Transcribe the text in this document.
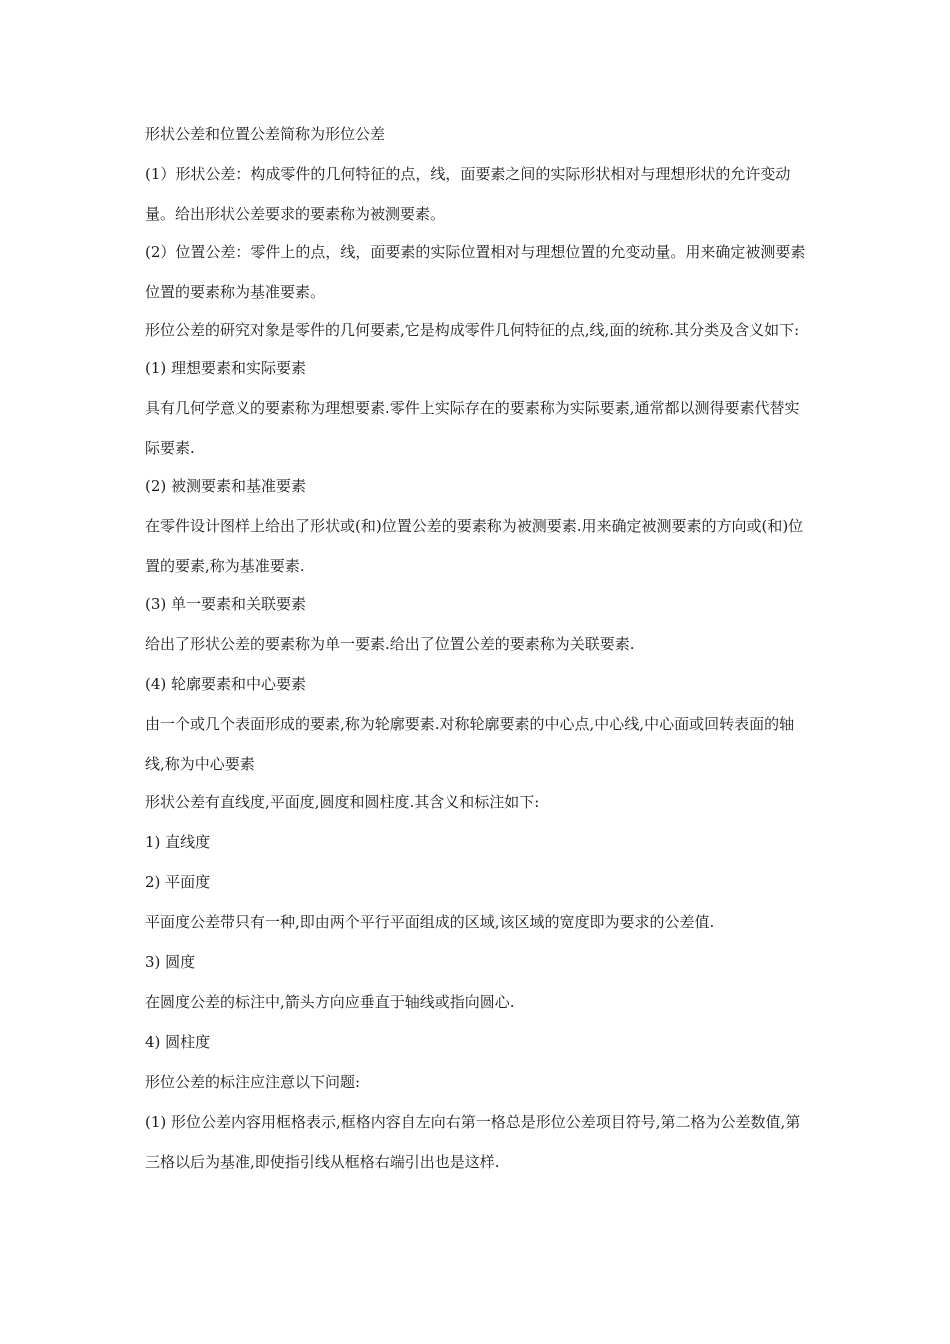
形状公差和位置公差简称为形位公差

(1）形状公差：构成零件的几何特征的点，线，面要素之间的实际形状相对与理想形状的允许变动量。给出形状公差要求的要素称为被测要素。

(2）位置公差：零件上的点，线，面要素的实际位置相对与理想位置的允变动量。用来确定被测要素位置的要素称为基准要素。

形位公差的研究对象是零件的几何要素,它是构成零件几何特征的点,线,面的统称.其分类及含义如下:

(1) 理想要素和实际要素

具有几何学意义的要素称为理想要素.零件上实际存在的要素称为实际要素,通常都以测得要素代替实际要素.

(2) 被测要素和基准要素

在零件设计图样上给出了形状或(和)位置公差的要素称为被测要素.用来确定被测要素的方向或(和)位置的要素,称为基准要素.

(3) 单一要素和关联要素

给出了形状公差的要素称为单一要素.给出了位置公差的要素称为关联要素.

(4) 轮廓要素和中心要素

由一个或几个表面形成的要素,称为轮廓要素.对称轮廓要素的中心点,中心线,中心面或回转表面的轴线,称为中心要素

形状公差有直线度,平面度,圆度和圆柱度.其含义和标注如下:

1) 直线度

2) 平面度

平面度公差带只有一种,即由两个平行平面组成的区域,该区域的宽度即为要求的公差值.

3) 圆度

在圆度公差的标注中,箭头方向应垂直于轴线或指向圆心.

4) 圆柱度

形位公差的标注应注意以下问题:

(1) 形位公差内容用框格表示,框格内容自左向右第一格总是形位公差项目符号,第二格为公差数值,第三格以后为基准,即使指引线从框格右端引出也是这样.
